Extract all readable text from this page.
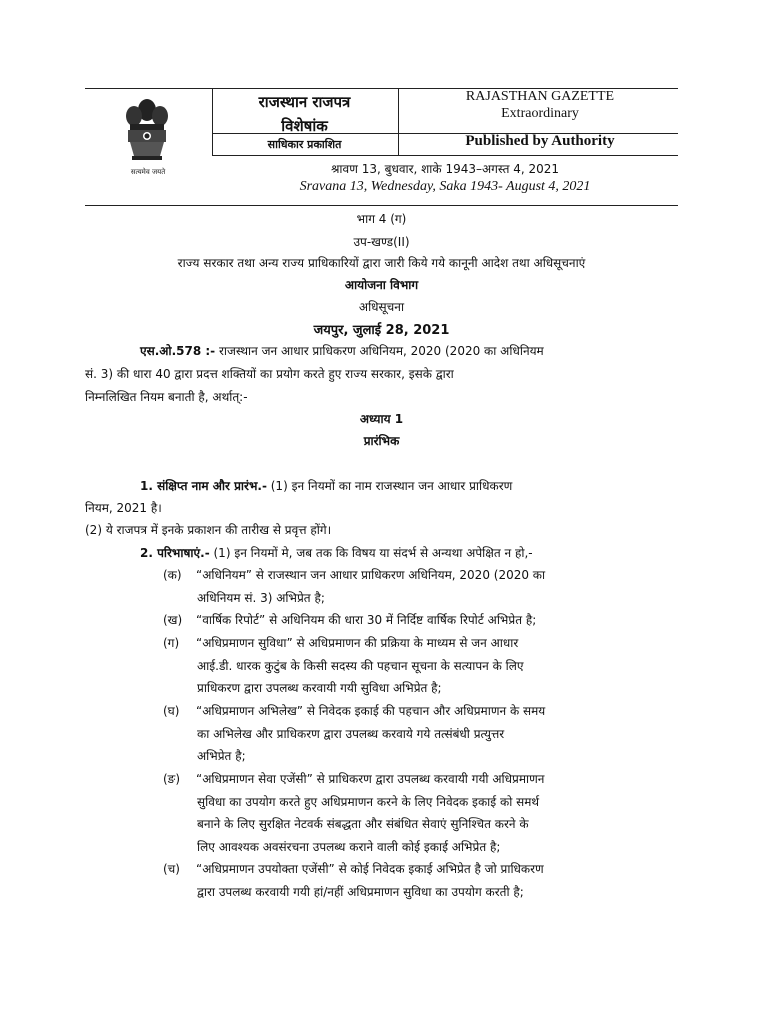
सत्यमेव जयते
राजस्थान राजपत्र
विशेषांक
साधिकार प्रकाशित
RAJASTHAN GAZETTE
Extraordinary
Published by Authority
श्रावण 13, बुधवार, शाके 1943–अगस्त 4, 2021
Sravana 13, Wednesday, Saka 1943- August 4, 2021
भाग 4 (ग)
उप-खण्ड(II)
राज्य सरकार तथा अन्य राज्य प्राधिकारियों द्वारा जारी किये गये कानूनी आदेश तथा अधिसूचनाएं
आयोजना विभाग
अधिसूचना
जयपुर, जुलाई 28, 2021
एस.ओ.578 :- राजस्थान जन आधार प्राधिकरण अधिनियम, 2020 (2020 का अधिनियम
सं. 3) की धारा 40 द्वारा प्रदत्त शक्तियों का प्रयोग करते हुए राज्य सरकार, इसके द्वारा
निम्नलिखित नियम बनाती है, अर्थात्:-
अध्याय 1
प्रारंभिक
1. संक्षिप्त नाम और प्रारंभ.- (1) इन नियमों का नाम राजस्थान जन आधार प्राधिकरण
नियम, 2021 है।
(2) ये राजपत्र में इनके प्रकाशन की तारीख से प्रवृत्त होंगे।
2. परिभाषाएं.- (1) इन नियमों मे, जब तक कि विषय या संदर्भ से अन्यथा अपेक्षित न हो,-
(क) “अधिनियम” से राजस्थान जन आधार प्राधिकरण अधिनियम, 2020 (2020 का
अधिनियम सं. 3) अभिप्रेत है;
(ख) “वार्षिक रिपोर्ट” से अधिनियम की धारा 30 में निर्दिष्ट वार्षिक रिपोर्ट अभिप्रेत है;
(ग) “अधिप्रमाणन सुविधा” से अधिप्रमाणन की प्रक्रिया के माध्यम से जन आधार
आई.डी. धारक कुटुंब के किसी सदस्य की पहचान सूचना के सत्यापन के लिए
प्राधिकरण द्वारा उपलब्ध करवायी गयी सुविधा अभिप्रेत है;
(घ) “अधिप्रमाणन अभिलेख” से निवेदक इकाई की पहचान और अधिप्रमाणन के समय
का अभिलेख और प्राधिकरण द्वारा उपलब्ध करवाये गये तत्संबंधी प्रत्युत्तर
अभिप्रेत है;
(ङ) “अधिप्रमाणन सेवा एजेंसी” से प्राधिकरण द्वारा उपलब्ध करवायी गयी अधिप्रमाणन
सुविधा का उपयोग करते हुए अधिप्रमाणन करने के लिए निवेदक इकाई को समर्थ
बनाने के लिए सुरक्षित नेटवर्क संबद्धता और संबंधित सेवाएं सुनिश्चित करने के
लिए आवश्यक अवसंरचना उपलब्ध कराने वाली कोई इकाई अभिप्रेत है;
(च) “अधिप्रमाणन उपयोक्ता एजेंसी” से कोई निवेदक इकाई अभिप्रेत है जो प्राधिकरण
द्वारा उपलब्ध करवायी गयी हां/नहीं अधिप्रमाणन सुविधा का उपयोग करती है;
